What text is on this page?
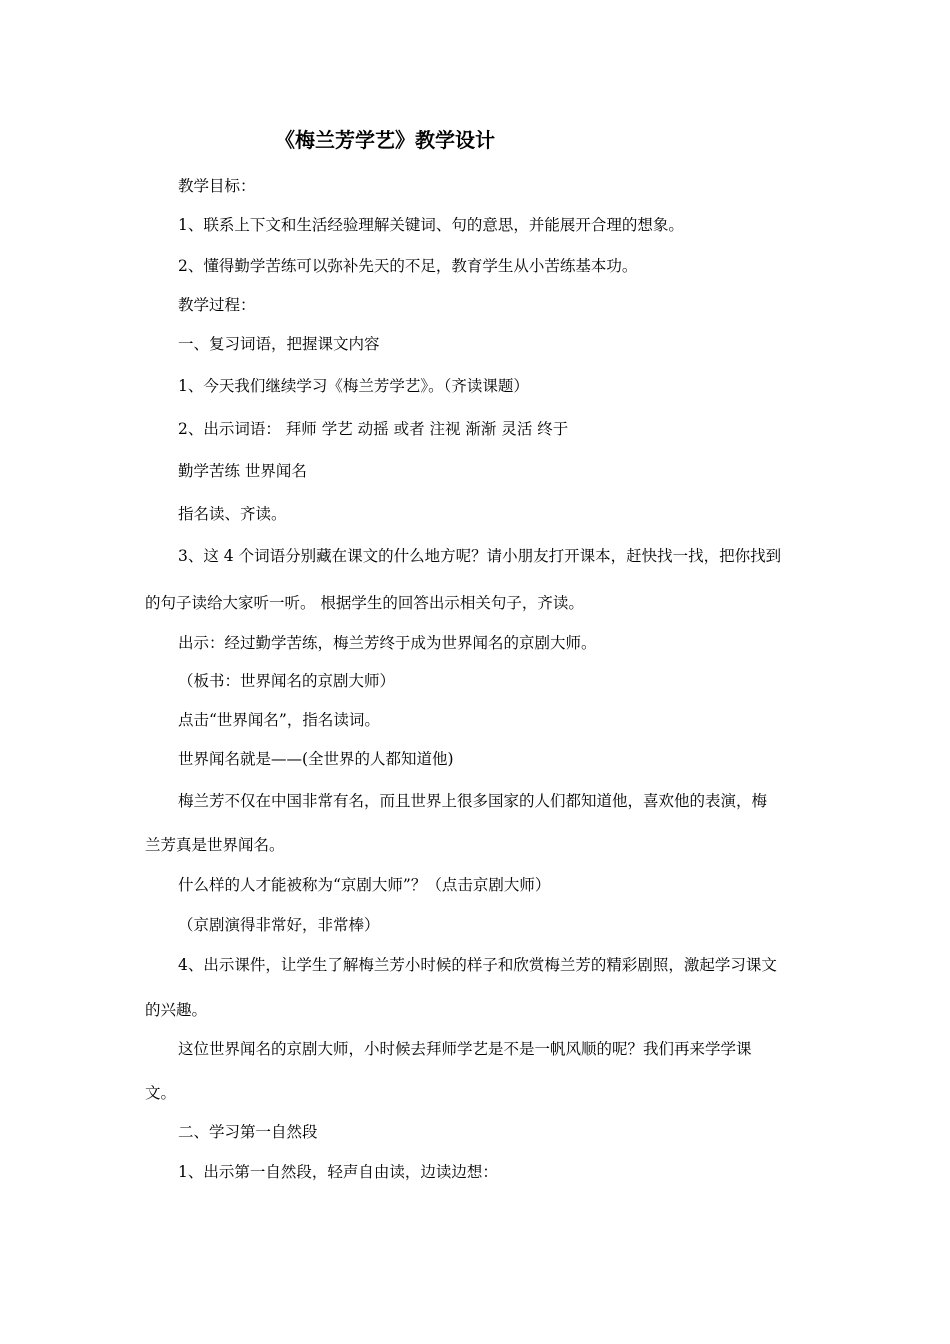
《梅兰芳学艺》教学设计
教学目标：
1、联系上下文和生活经验理解关键词、句的意思，并能展开合理的想象。
2、懂得勤学苦练可以弥补先天的不足，教育学生从小苦练基本功。
教学过程：
一、复习词语，把握课文内容
1、今天我们继续学习《梅兰芳学艺》。（齐读课题）
2、出示词语： 拜师 学艺 动摇 或者 注视 渐渐 灵活 终于
勤学苦练 世界闻名
指名读、齐读。
3、这 4 个词语分别藏在课文的什么地方呢？请小朋友打开课本，赶快找一找，把你找到
的句子读给大家听一听。 根据学生的回答出示相关句子，齐读。
出示：经过勤学苦练，梅兰芳终于成为世界闻名的京剧大师。
（板书：世界闻名的京剧大师）
点击“世界闻名”，指名读词。
世界闻名就是——(全世界的人都知道他)
梅兰芳不仅在中国非常有名，而且世界上很多国家的人们都知道他，喜欢他的表演，梅
兰芳真是世界闻名。
什么样的人才能被称为“京剧大师”？（点击京剧大师）
（京剧演得非常好，非常棒）
4、出示课件，让学生了解梅兰芳小时候的样子和欣赏梅兰芳的精彩剧照，激起学习课文
的兴趣。
这位世界闻名的京剧大师，小时候去拜师学艺是不是一帆风顺的呢？我们再来学学课
文。
二、学习第一自然段
1、出示第一自然段，轻声自由读，边读边想：
